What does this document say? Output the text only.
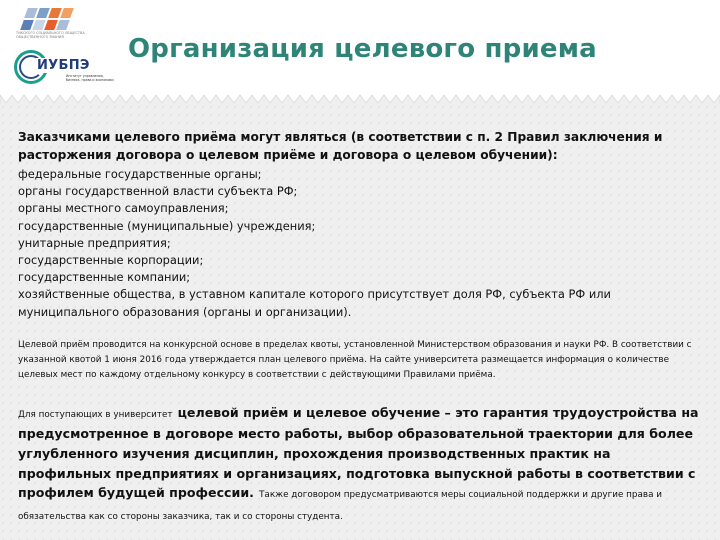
ТИКСКОГО СОЦИАЛЬНОГО ОБЩЕСТВА ОБЩЕСТВЕННОГО ЗНАНИЯ
ИУБПЭ
Институт управления, бизнеса, права и экономики
Организация целевого приема

Заказчиками целевого приёма могут являться (в соответствии с п. 2 Правил заключения и расторжения договора о целевом приёме и договора о целевом обучении):

федеральные государственные органы;
органы государственной власти субъекта РФ;
органы местного самоуправления;
государственные (муниципальные) учреждения;
унитарные предприятия;
государственные корпорации;
государственные компании;
хозяйственные общества, в уставном капитале которого присутствует доля РФ, субъекта РФ или муниципального образования (органы и организации).

Целевой приём проводится на конкурсной основе в пределах квоты, установленной Министерством образования и науки РФ. В соответствии с указанной квотой 1 июня 2016 года утверждается план целевого приёма. На сайте университета размещается информация о количестве целевых мест по каждому отдельному конкурсу в соответствии с действующими Правилами приёма.

Для поступающих в университет целевой приём и целевое обучение – это гарантия трудоустройства на предусмотренное в договоре место работы, выбор образовательной траектории для более углубленного изучения дисциплин, прохождения производственных практик на профильных предприятиях и организациях, подготовка выпускной работы в соответствии с профилем будущей профессии. Также договором предусматриваются меры социальной поддержки и другие права и обязательства как со стороны заказчика, так и со стороны студента.
